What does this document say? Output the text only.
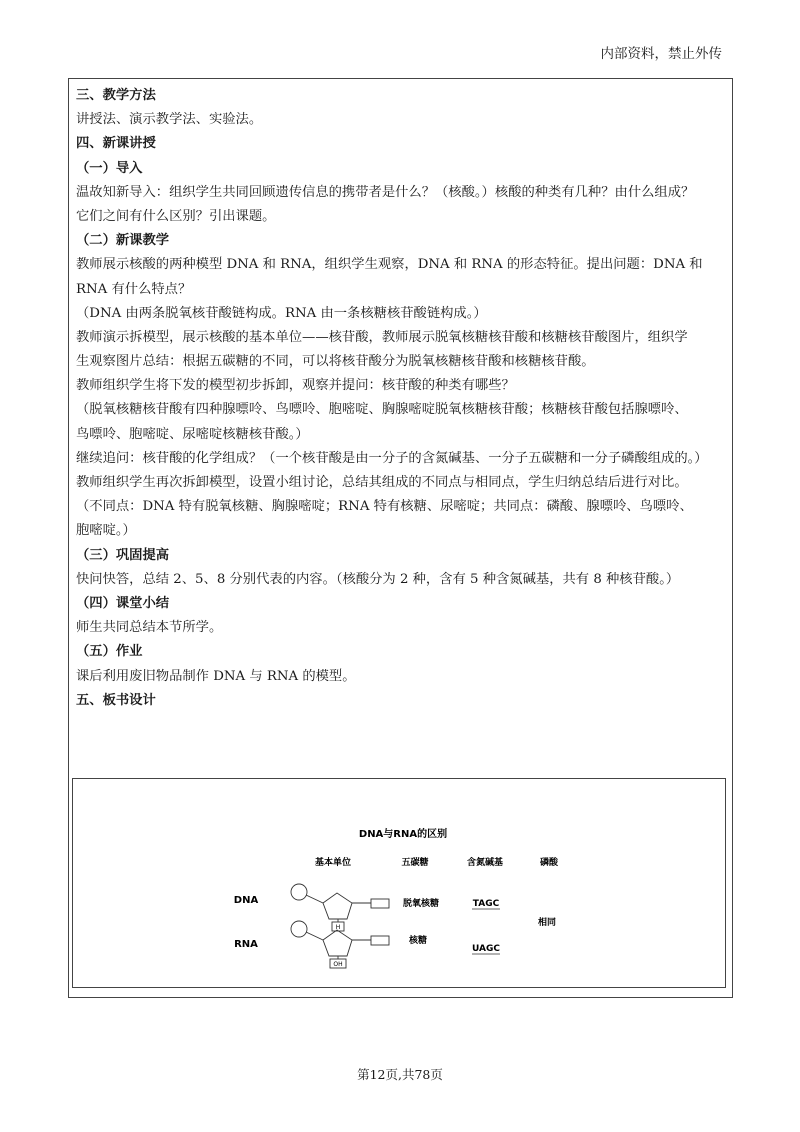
内部资料，禁止外传
三、教学方法
讲授法、演示教学法、实验法。
四、新课讲授
（一）导入
温故知新导入：组织学生共同回顾遗传信息的携带者是什么？（核酸。）核酸的种类有几种？由什么组成？
它们之间有什么区别？引出课题。
（二）新课教学
教师展示核酸的两种模型 DNA 和 RNA，组织学生观察，DNA 和 RNA 的形态特征。提出问题：DNA 和
RNA 有什么特点？
（DNA 由两条脱氧核苷酸链构成。RNA 由一条核糖核苷酸链构成。）
教师演示拆模型，展示核酸的基本单位——核苷酸，教师展示脱氧核糖核苷酸和核糖核苷酸图片，组织学
生观察图片总结：根据五碳糖的不同，可以将核苷酸分为脱氧核糖核苷酸和核糖核苷酸。
教师组织学生将下发的模型初步拆卸，观察并提问：核苷酸的种类有哪些？
（脱氧核糖核苷酸有四种腺嘌呤、鸟嘌呤、胞嘧啶、胸腺嘧啶脱氧核糖核苷酸；核糖核苷酸包括腺嘌呤、
鸟嘌呤、胞嘧啶、尿嘧啶核糖核苷酸。）
继续追问：核苷酸的化学组成？（一个核苷酸是由一分子的含氮碱基、一分子五碳糖和一分子磷酸组成的。）
教师组织学生再次拆卸模型，设置小组讨论，总结其组成的不同点与相同点，学生归纳总结后进行对比。
（不同点：DNA 特有脱氧核糖、胸腺嘧啶；RNA 特有核糖、尿嘧啶；共同点：磷酸、腺嘌呤、鸟嘌呤、
胞嘧啶。）
（三）巩固提高
快问快答，总结 2、5、8 分别代表的内容。（核酸分为 2 种，含有 5 种含氮碱基，共有 8 种核苷酸。）
（四）课堂小结
师生共同总结本节所学。
（五）作业
课后利用废旧物品制作 DNA 与 RNA 的模型。
五、板书设计
DNA与RNA的区别
基本单位	五碳糖	含氮碱基	磷酸
DNA
RNA
H
OH
脱氧核糖
核糖
TAGC
UAGC
相同
第12页,共78页
